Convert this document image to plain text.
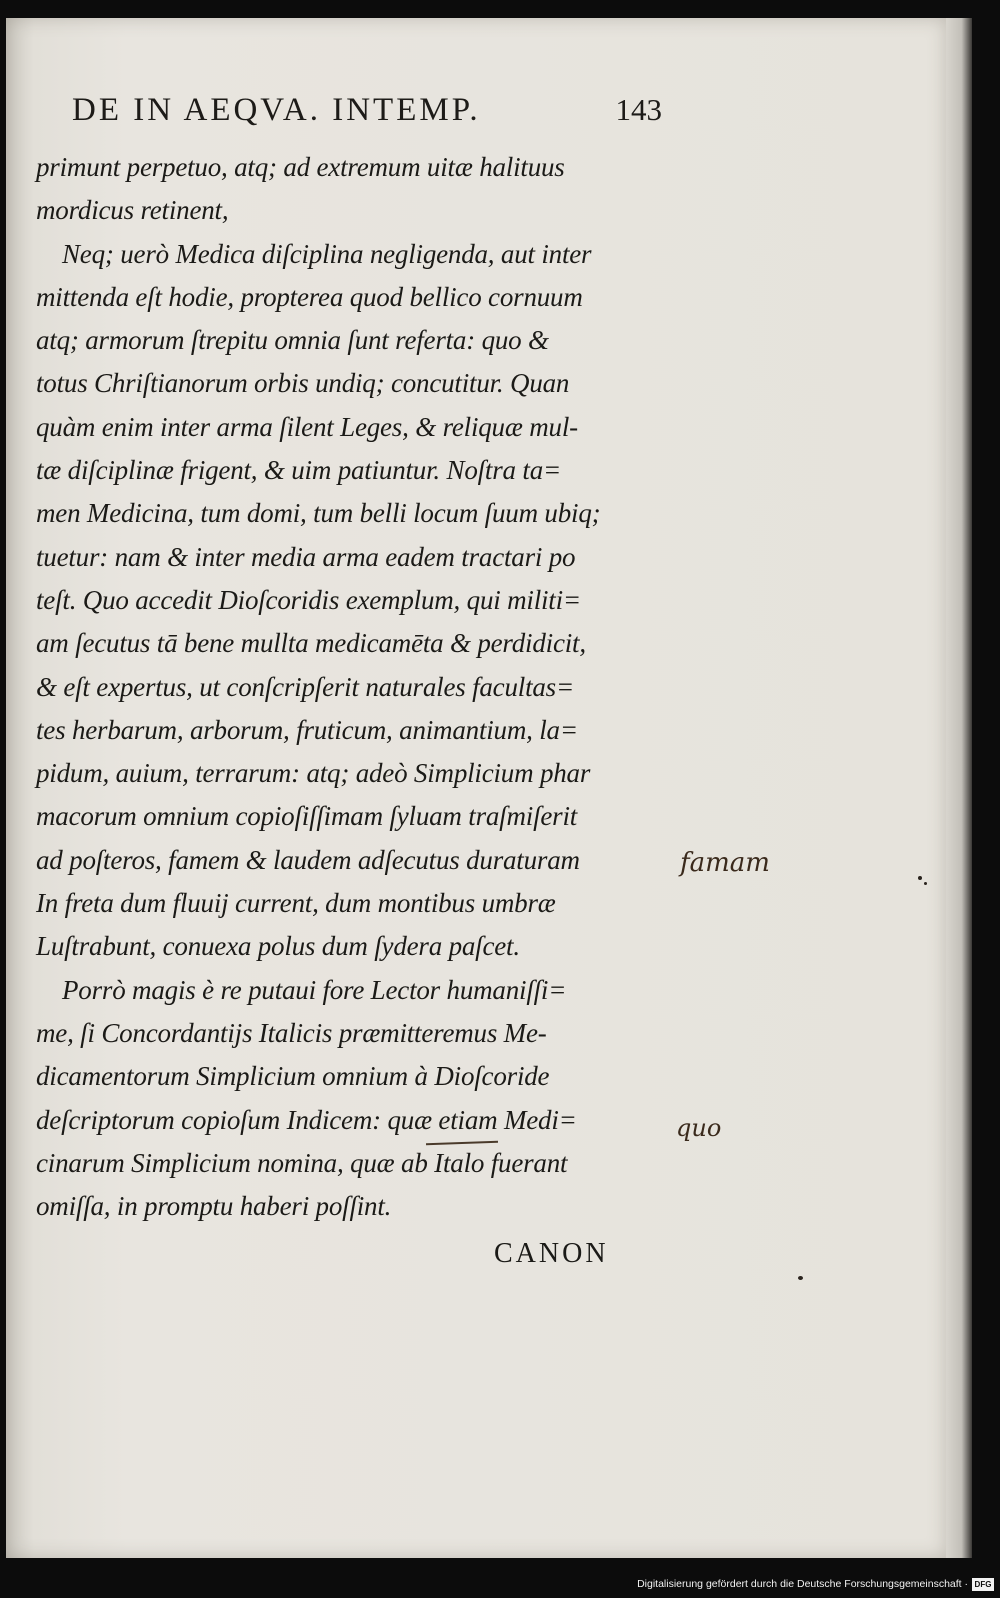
DE IN AEQVA. INTEMP.	143
primunt perpetuo, atq; ad extremum uitæ halituus
mordicus retinent,
Neq; uerò Medica diſciplina negligenda, aut inter
mittenda eſt hodie, propterea quod bellico cornuum
atq; armorum ſtrepitu omnia ſunt referta: quo &
totus Chriſtianorum orbis undiq; concutitur. Quan
quàm enim inter arma ſilent Leges, & reliquæ mul-
tæ diſciplinæ frigent, & uim patiuntur. Noſtra ta=
men Medicina, tum domi, tum belli locum ſuum ubiq;
tuetur: nam & inter media arma eadem tractari po
teſt. Quo accedit Dioſcoridis exemplum, qui militi=
am ſecutus tā bene mullta medicamēta & perdidicit,
& eſt expertus, ut conſcripſerit naturales facultas=
tes herbarum, arborum, fruticum, animantium, la=
pidum, auium, terrarum: atq; adeò Simplicium phar
macorum omnium copioſiſſimam ſyluam traſmiſerit
ad poſteros, famem & laudem adſecutus duraturam
In freta dum fluuij current, dum montibus umbræ
Luſtrabunt, conuexa polus dum ſydera paſcet.
Porrò magis è re putaui fore Lector humaniſſi=
me, ſi Concordantijs Italicis præmitteremus Me-
dicamentorum Simplicium omnium à Dioſcoride
deſcriptorum copioſum Indicem: quæ etiam Medi=
cinarum Simplicium nomina, quæ ab Italo fuerant
omiſſa, in promptu haberi poſſint.
CANON
famam
quo
Digitalisierung gefördert durch die Deutsche Forschungsgemeinschaft · DFG
